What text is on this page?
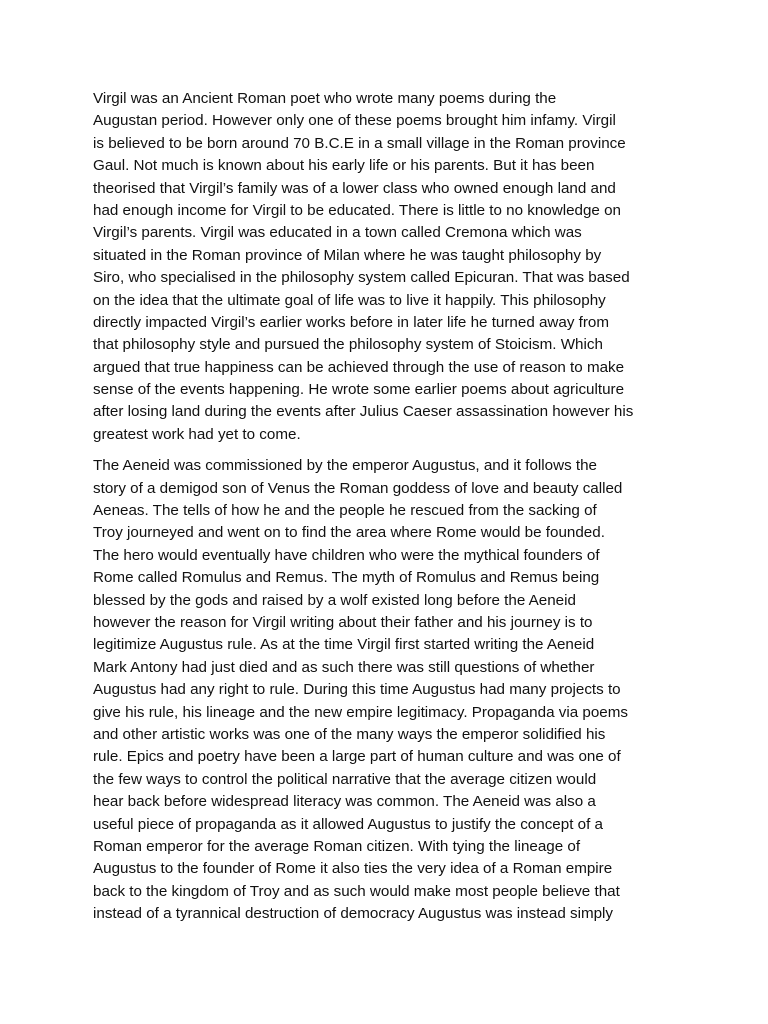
Virgil was an Ancient Roman poet who wrote many poems during the
Augustan period. However only one of these poems brought him infamy. Virgil
is believed to be born around 70 B.C.E in a small village in the Roman province
Gaul. Not much is known about his early life or his parents. But it has been
theorised that Virgil’s family was of a lower class who owned enough land and
had enough income for Virgil to be educated. There is little to no knowledge on
Virgil’s parents. Virgil was educated in a town called Cremona which was
situated in the Roman province of Milan where he was taught philosophy by
Siro, who specialised in the philosophy system called Epicuran. That was based
on the idea that the ultimate goal of life was to live it happily. This philosophy
directly impacted Virgil’s earlier works before in later life he turned away from
that philosophy style and pursued the philosophy system of Stoicism. Which
argued that true happiness can be achieved through the use of reason to make
sense of the events happening. He wrote some earlier poems about agriculture
after losing land during the events after Julius Caeser assassination however his
greatest work had yet to come.
The Aeneid was commissioned by the emperor Augustus, and it follows the
story of a demigod son of Venus the Roman goddess of love and beauty called
Aeneas. The tells of how he and the people he rescued from the sacking of
Troy journeyed and went on to find the area where Rome would be founded.
The hero would eventually have children who were the mythical founders of
Rome called Romulus and Remus. The myth of Romulus and Remus being
blessed by the gods and raised by a wolf existed long before the Aeneid
however the reason for Virgil writing about their father and his journey is to
legitimize Augustus rule. As at the time Virgil first started writing the Aeneid
Mark Antony had just died and as such there was still questions of whether
Augustus had any right to rule. During this time Augustus had many projects to
give his rule, his lineage and the new empire legitimacy. Propaganda via poems
and other artistic works was one of the many ways the emperor solidified his
rule. Epics and poetry have been a large part of human culture and was one of
the few ways to control the political narrative that the average citizen would
hear back before widespread literacy was common. The Aeneid was also a
useful piece of propaganda as it allowed Augustus to justify the concept of a
Roman emperor for the average Roman citizen. With tying the lineage of
Augustus to the founder of Rome it also ties the very idea of a Roman empire
back to the kingdom of Troy and as such would make most people believe that
instead of a tyrannical destruction of democracy Augustus was instead simply
